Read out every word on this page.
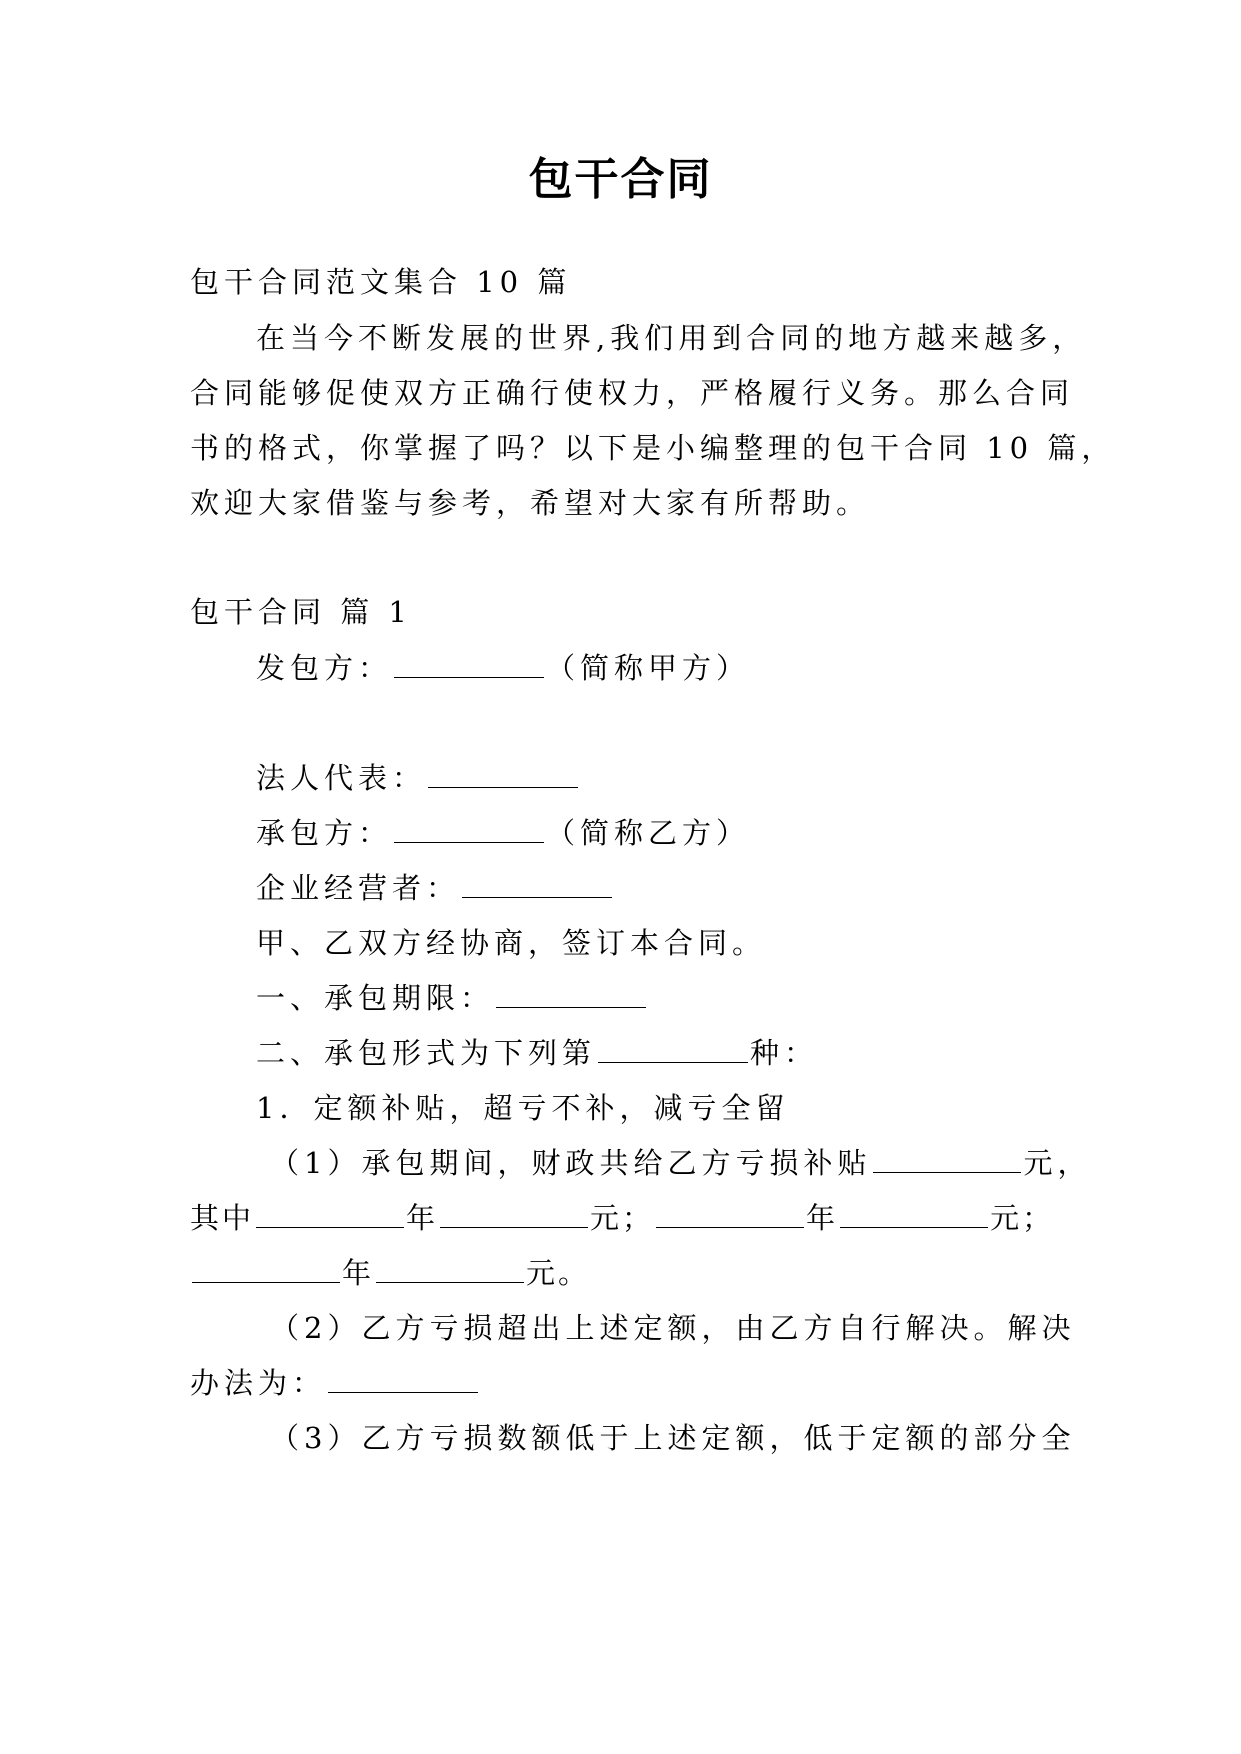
包干合同
包干合同范文集合 10 篇
在当今不断发展的世界,我们用到合同的地方越来越多，
合同能够促使双方正确行使权力，严格履行义务。那么合同
书的格式，你掌握了吗？以下是小编整理的包干合同 10 篇，
欢迎大家借鉴与参考，希望对大家有所帮助。
包干合同 篇 1
发包方：	（简称甲方）
法人代表：
承包方：	（简称乙方）
企业经营者：
甲、乙双方经协商，签订本合同。
一、承包期限：
二、承包形式为下列第	种：
1．定额补贴，超亏不补，减亏全留
（1）承包期间，财政共给乙方亏损补贴	元，
其中	年	元；	年	元；
年	元。
（2）乙方亏损超出上述定额，由乙方自行解决。解决
办法为：
（3）乙方亏损数额低于上述定额，低于定额的部分全
